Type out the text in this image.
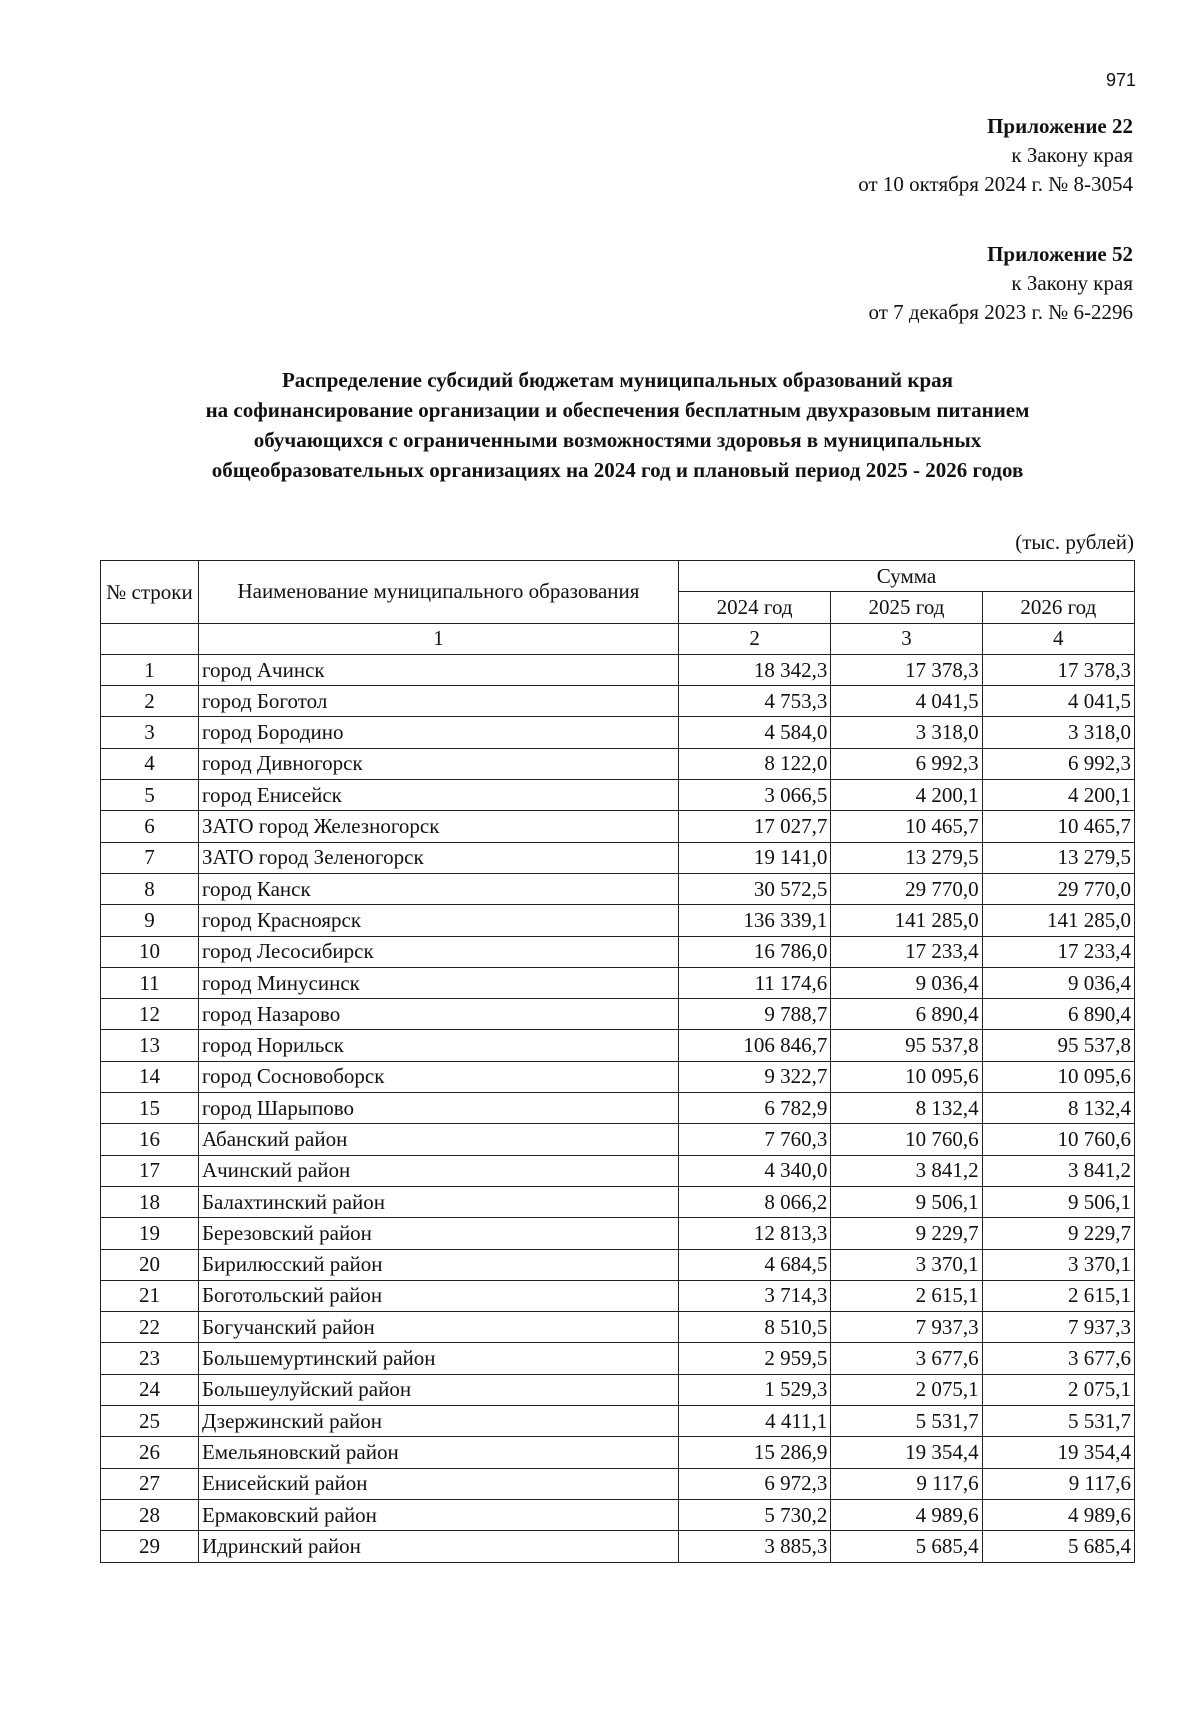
971
Приложение 22
к Закону края
от 10 октября 2024 г. № 8-3054
Приложение 52
к Закону края
от 7 декабря 2023 г. № 6-2296
Распределение субсидий бюджетам муниципальных образований края
на софинансирование организации и обеспечения бесплатным двухразовым питанием
обучающихся с ограниченными возможностями здоровья в муниципальных
общеобразовательных организациях на 2024 год и плановый период 2025 - 2026 годов
(тыс. рублей)
№ строки	Наименование муниципального образования	Сумма		
		2024 год	2025 год	2026 год
	1	2	3	4
1	город Ачинск	18 342,3	17 378,3	17 378,3
2	город Боготол	4 753,3	4 041,5	4 041,5
3	город Бородино	4 584,0	3 318,0	3 318,0
4	город Дивногорск	8 122,0	6 992,3	6 992,3
5	город Енисейск	3 066,5	4 200,1	4 200,1
6	ЗАТО город Железногорск	17 027,7	10 465,7	10 465,7
7	ЗАТО город Зеленогорск	19 141,0	13 279,5	13 279,5
8	город Канск	30 572,5	29 770,0	29 770,0
9	город Красноярск	136 339,1	141 285,0	141 285,0
10	город Лесосибирск	16 786,0	17 233,4	17 233,4
11	город Минусинск	11 174,6	9 036,4	9 036,4
12	город Назарово	9 788,7	6 890,4	6 890,4
13	город Норильск	106 846,7	95 537,8	95 537,8
14	город Сосновоборск	9 322,7	10 095,6	10 095,6
15	город Шарыпово	6 782,9	8 132,4	8 132,4
16	Абанский район	7 760,3	10 760,6	10 760,6
17	Ачинский район	4 340,0	3 841,2	3 841,2
18	Балахтинский район	8 066,2	9 506,1	9 506,1
19	Березовский район	12 813,3	9 229,7	9 229,7
20	Бирилюсский район	4 684,5	3 370,1	3 370,1
21	Боготольский район	3 714,3	2 615,1	2 615,1
22	Богучанский район	8 510,5	7 937,3	7 937,3
23	Большемуртинский район	2 959,5	3 677,6	3 677,6
24	Большеулуйский район	1 529,3	2 075,1	2 075,1
25	Дзержинский район	4 411,1	5 531,7	5 531,7
26	Емельяновский район	15 286,9	19 354,4	19 354,4
27	Енисейский район	6 972,3	9 117,6	9 117,6
28	Ермаковский район	5 730,2	4 989,6	4 989,6
29	Идринский район	3 885,3	5 685,4	5 685,4
